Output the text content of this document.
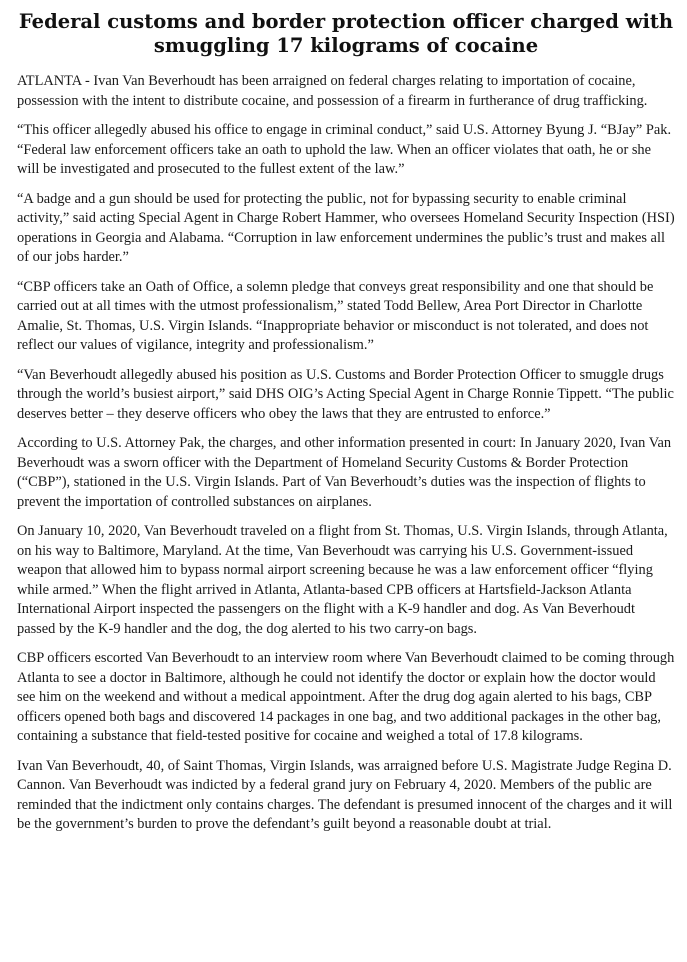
Federal customs and border protection officer charged with smuggling 17 kilograms of cocaine

ATLANTA - Ivan Van Beverhoudt has been arraigned on federal charges relating to importation of cocaine, possession with the intent to distribute cocaine, and possession of a firearm in furtherance of drug trafficking.

“This officer allegedly abused his office to engage in criminal conduct,” said U.S. Attorney Byung J. “BJay” Pak. “Federal law enforcement officers take an oath to uphold the law. When an officer violates that oath, he or she will be investigated and prosecuted to the fullest extent of the law.”

“A badge and a gun should be used for protecting the public, not for bypassing security to enable criminal activity,” said acting Special Agent in Charge Robert Hammer, who oversees Homeland Security Inspection (HSI) operations in Georgia and Alabama. “Corruption in law enforcement undermines the public’s trust and makes all of our jobs harder.”

“CBP officers take an Oath of Office, a solemn pledge that conveys great responsibility and one that should be carried out at all times with the utmost professionalism,” stated Todd Bellew, Area Port Director in Charlotte Amalie, St. Thomas, U.S. Virgin Islands. “Inappropriate behavior or misconduct is not tolerated, and does not reflect our values of vigilance, integrity and professionalism.”

“Van Beverhoudt allegedly abused his position as U.S. Customs and Border Protection Officer to smuggle drugs through the world’s busiest airport,” said DHS OIG’s Acting Special Agent in Charge Ronnie Tippett. “The public deserves better – they deserve officers who obey the laws that they are entrusted to enforce.”

According to U.S. Attorney Pak, the charges, and other information presented in court: In January 2020, Ivan Van Beverhoudt was a sworn officer with the Department of Homeland Security Customs & Border Protection (“CBP”), stationed in the U.S. Virgin Islands. Part of Van Beverhoudt’s duties was the inspection of flights to prevent the importation of controlled substances on airplanes.

On January 10, 2020, Van Beverhoudt traveled on a flight from St. Thomas, U.S. Virgin Islands, through Atlanta, on his way to Baltimore, Maryland. At the time, Van Beverhoudt was carrying his U.S. Government-issued weapon that allowed him to bypass normal airport screening because he was a law enforcement officer “flying while armed.” When the flight arrived in Atlanta, Atlanta-based CPB officers at Hartsfield-Jackson Atlanta International Airport inspected the passengers on the flight with a K-9 handler and dog. As Van Beverhoudt passed by the K-9 handler and the dog, the dog alerted to his two carry-on bags.

CBP officers escorted Van Beverhoudt to an interview room where Van Beverhoudt claimed to be coming through Atlanta to see a doctor in Baltimore, although he could not identify the doctor or explain how the doctor would see him on the weekend and without a medical appointment. After the drug dog again alerted to his bags, CBP officers opened both bags and discovered 14 packages in one bag, and two additional packages in the other bag, containing a substance that field-tested positive for cocaine and weighed a total of 17.8 kilograms.

Ivan Van Beverhoudt, 40, of Saint Thomas, Virgin Islands, was arraigned before U.S. Magistrate Judge Regina D. Cannon. Van Beverhoudt was indicted by a federal grand jury on February 4, 2020. Members of the public are reminded that the indictment only contains charges. The defendant is presumed innocent of the charges and it will be the government’s burden to prove the defendant’s guilt beyond a reasonable doubt at trial.
